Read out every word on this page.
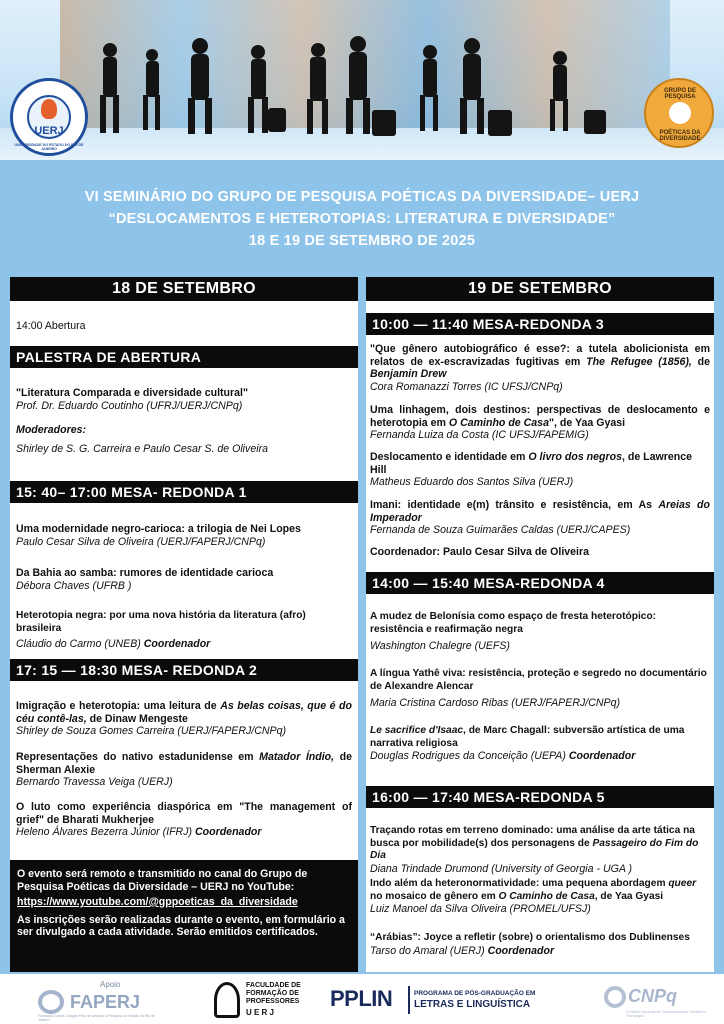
UERJ
UNIVERSIDADE DO ESTADO DO RIO DE JANEIRO
GRUPO DE PESQUISA
POÉTICAS DA DIVERSIDADE
VI SEMINÁRIO DO GRUPO DE PESQUISA POÉTICAS DA DIVERSIDADE– UERJ
“DESLOCAMENTOS E HETEROTOPIAS: LITERATURA E DIVERSIDADE”
18 E 19 DE SETEMBRO DE 2025
18 DE SETEMBRO
14:00 Abertura
PALESTRA DE ABERTURA
"Literatura Comparada e diversidade cultural"
Prof. Dr. Eduardo Coutinho (UFRJ/UERJ/CNPq)
Moderadores:
Shirley de S. G. Carreira e Paulo Cesar S. de Oliveira
15: 40– 17:00 MESA- REDONDA 1
Uma modernidade negro-carioca: a trilogia de Nei Lopes
Paulo Cesar Silva de Oliveira (UERJ/FAPERJ/CNPq)
Da Bahia ao samba: rumores de identidade carioca
Débora Chaves (UFRB )
Heterotopia negra: por uma nova história da literatura (afro) brasileira
Cláudio do Carmo (UNEB) Coordenador
17: 15 — 18:30 MESA- REDONDA 2
Imigração e heterotopia: uma leitura de As belas coisas, que é do céu contê-las, de Dinaw Mengeste
Shirley de Souza Gomes Carreira (UERJ/FAPERJ/CNPq)
Representações do nativo estadunidense em Matador Índio, de Sherman Alexie
Bernardo Travessa Veiga (UERJ)
O luto como experiência diaspórica em "The management of grief" de Bharati Mukherjee
Heleno Álvares Bezerra Júnior (IFRJ) Coordenador
O evento será remoto e transmitido no canal do Grupo de Pesquisa Poéticas da Diversidade – UERJ no YouTube:
https://www.youtube.com/@gppoeticas_da_diversidade
As inscrições serão realizadas durante o evento, em formulário a ser divulgado a cada atividade. Serão emitidos certificados.
19 DE SETEMBRO
10:00 — 11:40 MESA-REDONDA 3
"Que gênero autobiográfico é esse?: a tutela abolicionista em relatos de ex-escravizadas fugitivas em The Refugee (1856), de Benjamin Drew
Cora Romanazzi Torres (IC UFSJ/CNPq)
Uma linhagem, dois destinos: perspectivas de deslocamento e heterotopia em O Caminho de Casa", de Yaa Gyasi
Fernanda Luiza da Costa (IC UFSJ/FAPEMIG)
Deslocamento e identidade em O livro dos negros, de Lawrence Hill
Matheus Eduardo dos Santos Silva (UERJ)
Imani: identidade e(m) trânsito e resistência, em As Areias do Imperador
Fernanda de Souza Guimarães Caldas (UERJ/CAPES)
Coordenador: Paulo Cesar Silva de Oliveira
14:00 — 15:40 MESA-REDONDA 4
A mudez de Belonísia como espaço de fresta heterotópico: resistência e reafirmação negra
Washington Chalegre (UEFS)
A língua Yathê viva: resistência, proteção e segredo no documentário de Alexandre Alencar
Maria Cristina Cardoso Ribas (UERJ/FAPERJ/CNPq)
Le sacrifice d'Isaac, de Marc Chagall: subversão artística de uma narrativa religiosa
Douglas Rodrigues da Conceição (UEPA) Coordenador
16:00 — 17:40 MESA-REDONDA 5
Traçando rotas em terreno dominado: uma análise da arte tática na busca por mobilidade(s) dos personagens de Passageiro do Fim do Dia
Diana Trindade Drumond (University of Georgia - UGA )
Indo além da heteronormatividade: uma pequena abordagem queer no mosaico de gênero em O Caminho de Casa, de Yaa Gyasi
Luiz Manoel da Silva Oliveira (PROMEL/UFSJ)
“Arábias”: Joyce a refletir (sobre) o orientalismo dos Dublinenses
Tarso do Amaral (UERJ) Coordenador
Apoio
FAPERJ
Fundação Carlos Chagas Filho de Amparo à Pesquisa do Estado do Rio de Janeiro
FACULDADE DE
FORMAÇÃO DE
PROFESSORES
U E R J
PPLIN	PROGRAMA DE PÓS-GRADUAÇÃO EM
LETRAS E LINGUÍSTICA	CNPq
Conselho Nacional de Desenvolvimento Científico e Tecnológico
